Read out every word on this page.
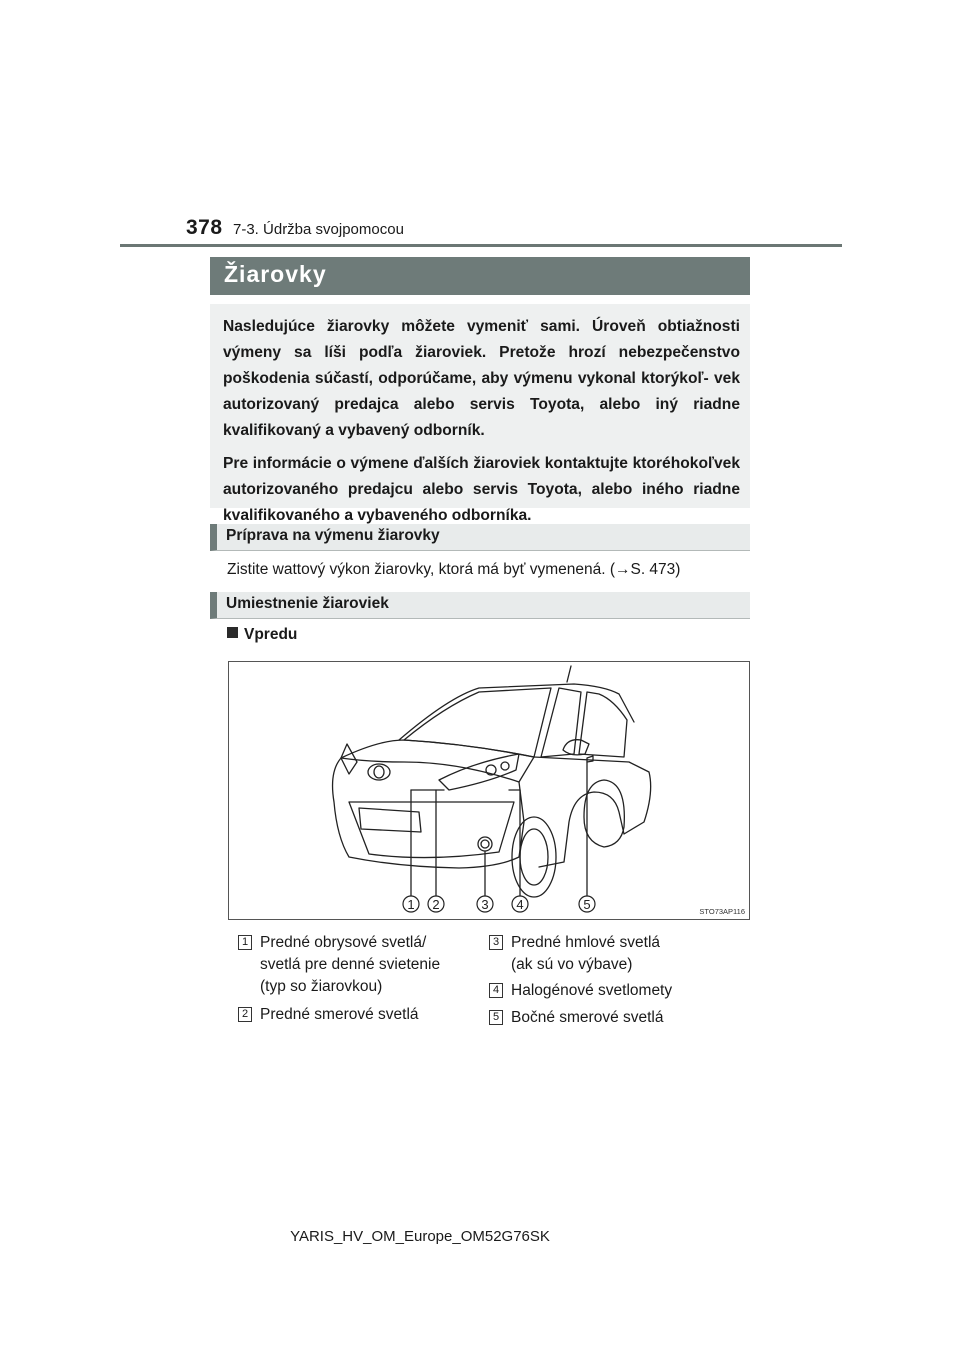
378 7-3. Údržba svojpomocou
Žiarovky

Nasledujúce žiarovky môžete vymeniť sami. Úroveň obtiažnosti výmeny sa líši podľa žiaroviek. Pretože hrozí nebezpečenstvo poškodenia súčastí, odporúčame, aby výmenu vykonal ktorýkoľ- vek autorizovaný predajca alebo servis Toyota, alebo iný riadne kvalifikovaný a vybavený odborník.

Pre informácie o výmene ďalších žiaroviek kontaktujte ktoréhokoľvek autorizovaného predajcu alebo servis Toyota, alebo iného riadne kvalifikovaného a vybaveného odborníka.

Príprava na výmenu žiarovky
Zistite wattový výkon žiarovky, ktorá má byť vymenená. (→S. 473)
Umiestnenie žiaroviek
Vpredu
1 2	3 4	5	STO73AP116
1 Predné obrysové svetlá/
svetlá pre denné svietenie
(typ so žiarovkou)
2 Predné smerové svetlá
3 Predné hmlové svetlá
(ak sú vo výbave)
4 Halogénové svetlomety
5 Bočné smerové svetlá
YARIS_HV_OM_Europe_OM52G76SK
